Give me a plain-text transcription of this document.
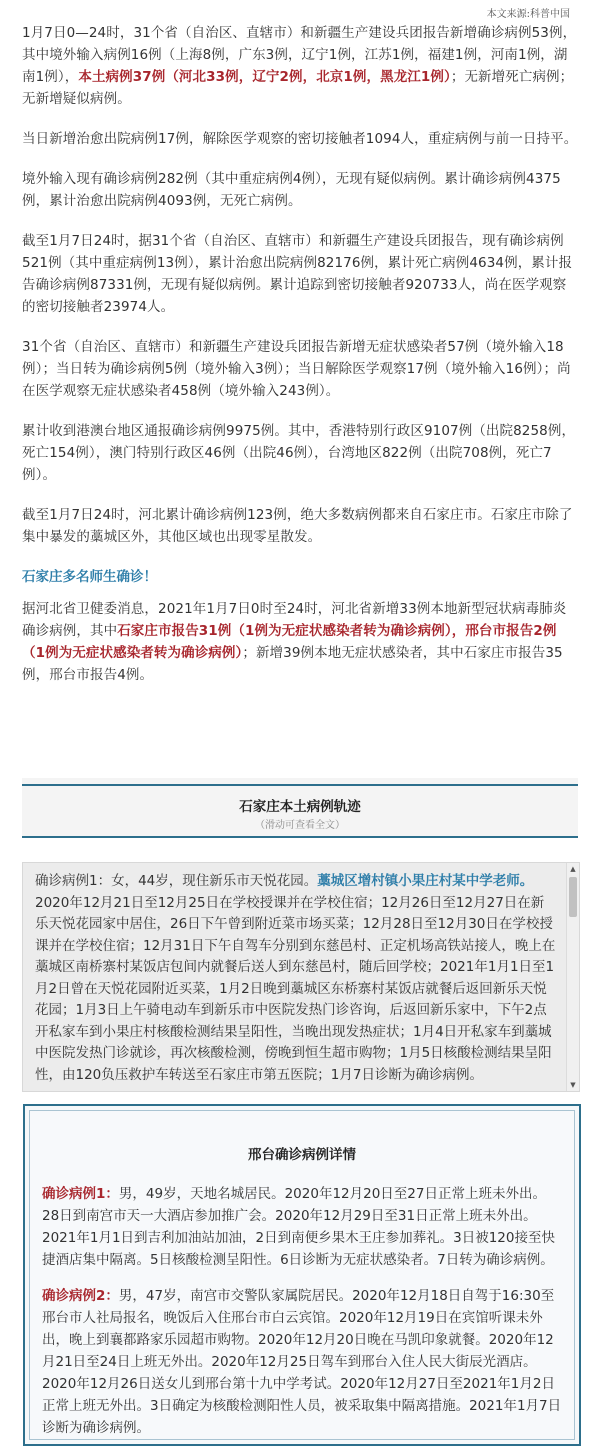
本文来源:科普中国

1月7日0—24时，31个省（自治区、直辖市）和新疆生产建设兵团报告新增确诊病例53例，其中境外输入病例16例（上海8例，广东3例，辽宁1例，江苏1例，福建1例，河南1例，湖南1例），本土病例37例（河北33例，辽宁2例，北京1例，黑龙江1例）；无新增死亡病例；无新增疑似病例。

当日新增治愈出院病例17例，解除医学观察的密切接触者1094人，重症病例与前一日持平。

境外输入现有确诊病例282例（其中重症病例4例），无现有疑似病例。累计确诊病例4375例，累计治愈出院病例4093例，无死亡病例。

截至1月7日24时，据31个省（自治区、直辖市）和新疆生产建设兵团报告，现有确诊病例521例（其中重症病例13例），累计治愈出院病例82176例，累计死亡病例4634例，累计报告确诊病例87331例，无现有疑似病例。累计追踪到密切接触者920733人，尚在医学观察的密切接触者23974人。

31个省（自治区、直辖市）和新疆生产建设兵团报告新增无症状感染者57例（境外输入18例）；当日转为确诊病例5例（境外输入3例）；当日解除医学观察17例（境外输入16例）；尚在医学观察无症状感染者458例（境外输入243例）。

累计收到港澳台地区通报确诊病例9975例。其中，香港特别行政区9107例（出院8258例，死亡154例），澳门特别行政区46例（出院46例），台湾地区822例（出院708例，死亡7例）。

截至1月7日24时，河北累计确诊病例123例，绝大多数病例都来自石家庄市。石家庄市除了集中暴发的藁城区外，其他区域也出现零星散发。

石家庄多名师生确诊！

据河北省卫健委消息，2021年1月7日0时至24时，河北省新增33例本地新型冠状病毒肺炎确诊病例，其中石家庄市报告31例（1例为无症状感染者转为确诊病例），邢台市报告2例（1例为无症状感染者转为确诊病例）；新增39例本地无症状感染者，其中石家庄市报告35例，邢台市报告4例。

石家庄本土病例轨迹
（滑动可查看全文）
确诊病例1：女，44岁，现住新乐市天悦花园。藁城区增村镇小果庄村某中学老师。2020年12月21日至12月25日在学校授课并在学校住宿；12月26日至12月27日在新乐天悦花园家中居住，26日下午曾到附近菜市场买菜；12月28日至12月30日在学校授课并在学校住宿；12月31日下午自驾车分别到东慈邑村、正定机场高铁站接人，晚上在藁城区南桥寨村某饭店包间内就餐后送人到东慈邑村，随后回学校；2021年1月1日至1月2日曾在天悦花园附近买菜，1月2日晚到藁城区东桥寨村某饭店就餐后返回新乐天悦花园；1月3日上午骑电动车到新乐市中医院发热门诊咨询，后返回新乐家中，下午2点开私家车到小果庄村核酸检测结果呈阳性，当晚出现发热症状；1月4日开私家车到藁城中医院发热门诊就诊，再次核酸检测，傍晚到恒生超市购物；1月5日核酸检测结果呈阳性，由120负压救护车转送至石家庄市第五医院；1月7日诊断为确诊病例。
▲
▼
邢台确诊病例详情

确诊病例1：男，49岁，天地名城居民。2020年12月20日至27日正常上班未外出。28日到南宫市天一大酒店参加推广会。2020年12月29日至31日正常上班未外出。2021年1月1日到吉利加油站加油，2日到南便乡果木王庄参加葬礼。3日被120接至快捷酒店集中隔离。5日核酸检测呈阳性。6日诊断为无症状感染者。7日转为确诊病例。

确诊病例2：男，47岁，南宫市交警队家属院居民。2020年12月18日自驾于16:30至邢台市人社局报名，晚饭后入住邢台市白云宾馆。2020年12月19日在宾馆听课未外出，晚上到襄都路家乐园超市购物。2020年12月20日晚在马凯印象就餐。2020年12月21日至24日上班无外出。2020年12月25日驾车到邢台入住人民大街辰光酒店。2020年12月26日送女儿到邢台第十九中学考试。2020年12月27日至2021年1月2日正常上班无外出。3日确定为核酸检测阳性人员，被采取集中隔离措施。2021年1月7日诊断为确诊病例。
